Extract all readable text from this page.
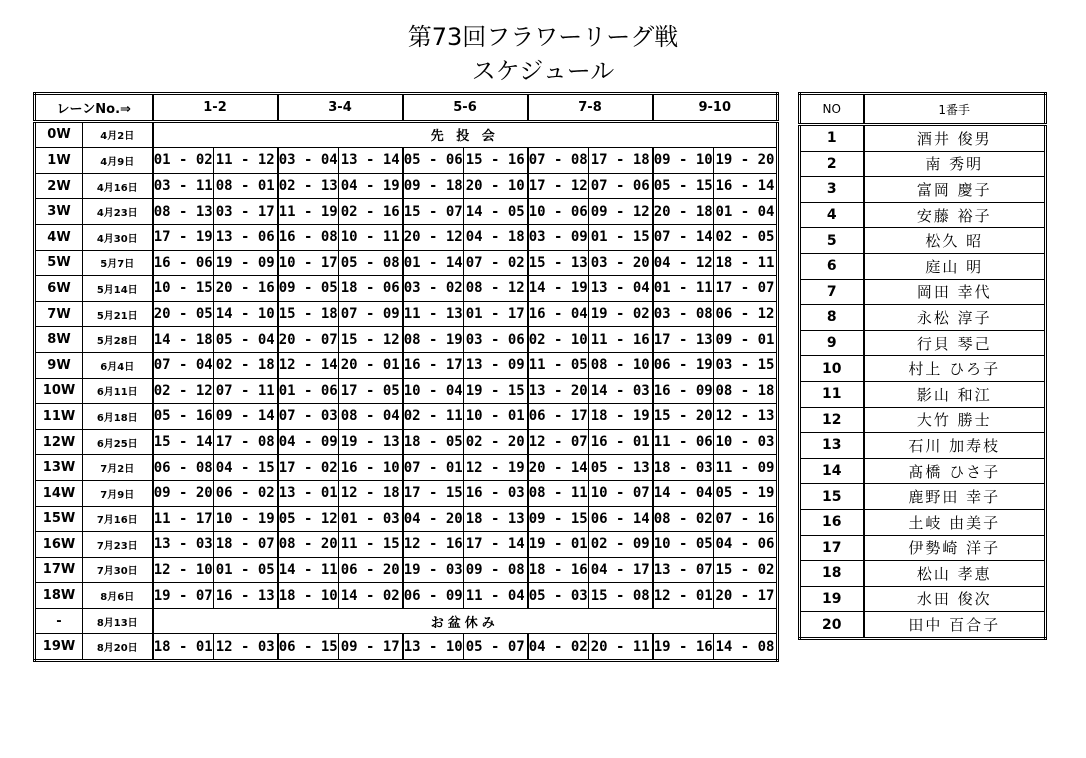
第73回フラワーリーグ戦
スケジュール
レーンNo.⇒		1-2		3-4		5-6		7-8		9-10	
0W	4月2日	先 投 会									
1W	4月9日	01 - 02	11 - 12	03 - 04	13 - 14	05 - 06	15 - 16	07 - 08	17 - 18	09 - 10	19 - 20
2W	4月16日	03 - 11	08 - 01	02 - 13	04 - 19	09 - 18	20 - 10	17 - 12	07 - 06	05 - 15	16 - 14
3W	4月23日	08 - 13	03 - 17	11 - 19	02 - 16	15 - 07	14 - 05	10 - 06	09 - 12	20 - 18	01 - 04
4W	4月30日	17 - 19	13 - 06	16 - 08	10 - 11	20 - 12	04 - 18	03 - 09	01 - 15	07 - 14	02 - 05
5W	5月7日	16 - 06	19 - 09	10 - 17	05 - 08	01 - 14	07 - 02	15 - 13	03 - 20	04 - 12	18 - 11
6W	5月14日	10 - 15	20 - 16	09 - 05	18 - 06	03 - 02	08 - 12	14 - 19	13 - 04	01 - 11	17 - 07
7W	5月21日	20 - 05	14 - 10	15 - 18	07 - 09	11 - 13	01 - 17	16 - 04	19 - 02	03 - 08	06 - 12
8W	5月28日	14 - 18	05 - 04	20 - 07	15 - 12	08 - 19	03 - 06	02 - 10	11 - 16	17 - 13	09 - 01
9W	6月4日	07 - 04	02 - 18	12 - 14	20 - 01	16 - 17	13 - 09	11 - 05	08 - 10	06 - 19	03 - 15
10W	6月11日	02 - 12	07 - 11	01 - 06	17 - 05	10 - 04	19 - 15	13 - 20	14 - 03	16 - 09	08 - 18
11W	6月18日	05 - 16	09 - 14	07 - 03	08 - 04	02 - 11	10 - 01	06 - 17	18 - 19	15 - 20	12 - 13
12W	6月25日	15 - 14	17 - 08	04 - 09	19 - 13	18 - 05	02 - 20	12 - 07	16 - 01	11 - 06	10 - 03
13W	7月2日	06 - 08	04 - 15	17 - 02	16 - 10	07 - 01	12 - 19	20 - 14	05 - 13	18 - 03	11 - 09
14W	7月9日	09 - 20	06 - 02	13 - 01	12 - 18	17 - 15	16 - 03	08 - 11	10 - 07	14 - 04	05 - 19
15W	7月16日	11 - 17	10 - 19	05 - 12	01 - 03	04 - 20	18 - 13	09 - 15	06 - 14	08 - 02	07 - 16
16W	7月23日	13 - 03	18 - 07	08 - 20	11 - 15	12 - 16	17 - 14	19 - 01	02 - 09	10 - 05	04 - 06
17W	7月30日	12 - 10	01 - 05	14 - 11	06 - 20	19 - 03	09 - 08	18 - 16	04 - 17	13 - 07	15 - 02
18W	8月6日	19 - 07	16 - 13	18 - 10	14 - 02	06 - 09	11 - 04	05 - 03	15 - 08	12 - 01	20 - 17
-	8月13日	お盆休み									
19W	8月20日	18 - 01	12 - 03	06 - 15	09 - 17	13 - 10	05 - 07	04 - 02	20 - 11	19 - 16	14 - 08
NO	1番手
1	酒井 俊男
2	南 秀明
3	富岡 慶子
4	安藤 裕子
5	松久 昭
6	庭山 明
7	岡田 幸代
8	永松 淳子
9	行貝 琴己
10	村上 ひろ子
11	影山 和江
12	大竹 勝士
13	石川 加寿枝
14	髙橋 ひさ子
15	鹿野田 幸子
16	土岐 由美子
17	伊勢崎 洋子
18	松山 孝恵
19	水田 俊次
20	田中 百合子
